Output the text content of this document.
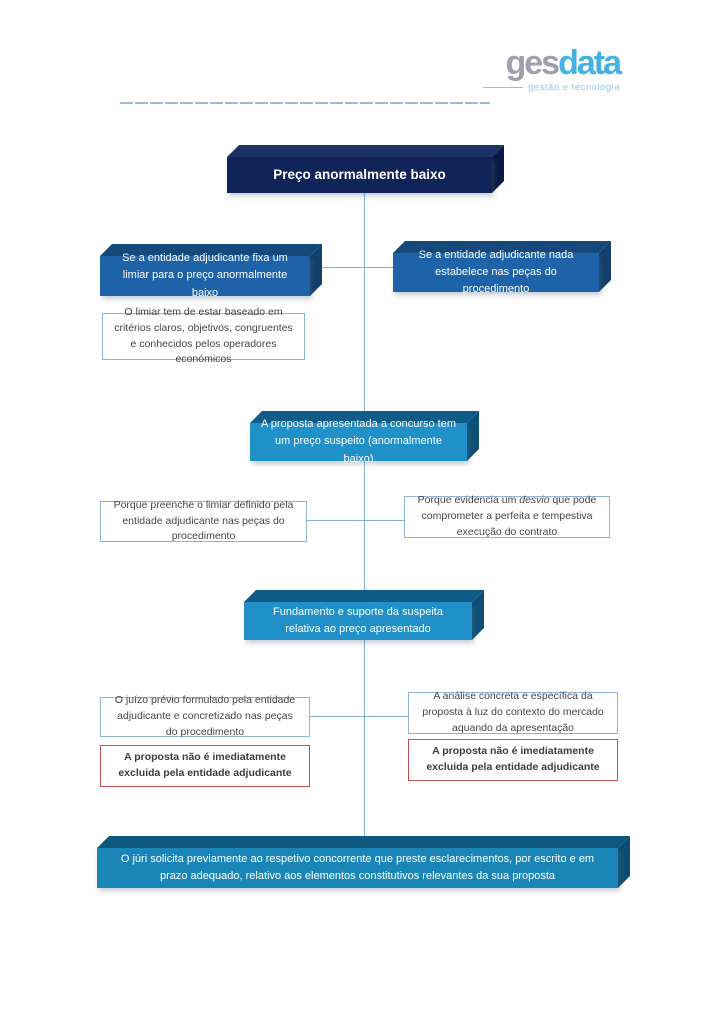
gesdata
gestão e tecnologia
Preço anormalmente baixo
Se a entidade adjudicante fixa um limiar para o preço anormalmente baixo
Se a entidade adjudicante nada estabelece nas peças do procedimento
O limiar tem de estar baseado em critérios claros, objetivos, congruentes e conhecidos pelos operadores económicos
A proposta apresentada a concurso tem um preço suspeito (anormalmente baixo)
Porque preenche o limiar definido pela entidade adjudicante nas peças do procedimento
Porque evidencia um desvio que pode comprometer a perfeita e tempestiva execução do contrato
Fundamento e suporte da suspeita relativa ao preço apresentado
O juízo prévio formulado pela entidade adjudicante e concretizado nas peças do procedimento
A análise concreta e específica da proposta à luz do contexto do mercado aquando da apresentação
A proposta não é imediatamente excluida pela entidade adjudicante
A proposta não é imediatamente excluida pela entidade adjudicante
O júri solicita previamente ao respetivo concorrente que preste esclarecimentos, por escrito e em prazo adequado, relativo aos elementos constitutivos relevantes da sua proposta
